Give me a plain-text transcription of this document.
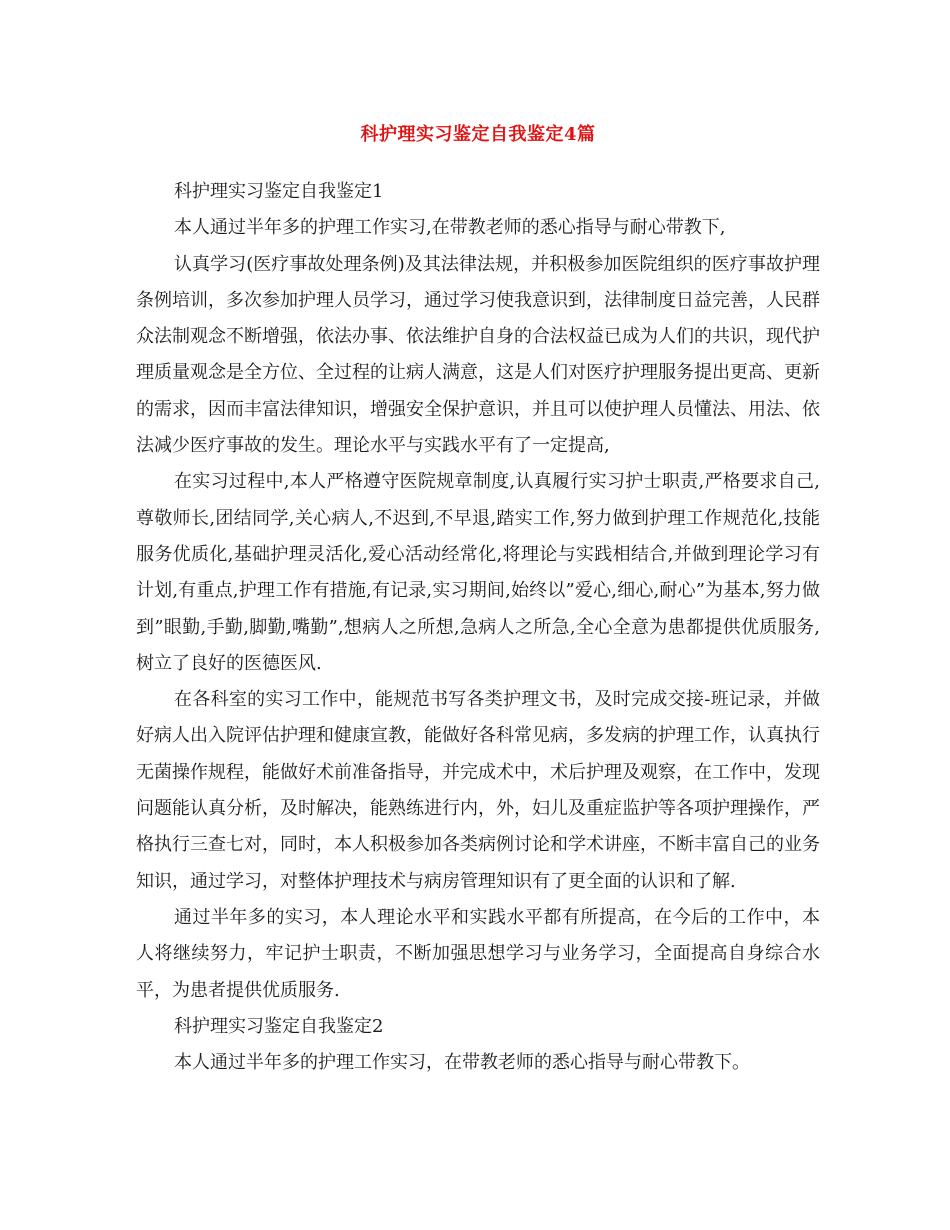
科护理实习鉴定自我鉴定4篇

科护理实习鉴定自我鉴定1

本人通过半年多的护理工作实习,在带教老师的悉心指导与耐心带教下,

认真学习(医疗事故处理条例)及其法律法规，并积极参加医院组织的医疗事故护理条例培训，多次参加护理人员学习，通过学习使我意识到，法律制度日益完善，人民群众法制观念不断增强，依法办事、依法维护自身的合法权益已成为人们的共识，现代护理质量观念是全方位、全过程的让病人满意，这是人们对医疗护理服务提出更高、更新的需求，因而丰富法律知识，增强安全保护意识，并且可以使护理人员懂法、用法、依法减少医疗事故的发生。理论水平与实践水平有了一定提高,

在实习过程中,本人严格遵守医院规章制度,认真履行实习护士职责,严格要求自己,尊敬师长,团结同学,关心病人,不迟到,不早退,踏实工作,努力做到护理工作规范化,技能服务优质化,基础护理灵活化,爱心活动经常化,将理论与实践相结合,并做到理论学习有计划,有重点,护理工作有措施,有记录,实习期间,始终以”爱心,细心,耐心”为基本,努力做到”眼勤,手勤,脚勤,嘴勤”,想病人之所想,急病人之所急,全心全意为患都提供优质服务,树立了良好的医德医风.

在各科室的实习工作中，能规范书写各类护理文书，及时完成交接-班记录，并做好病人出入院评估护理和健康宣教，能做好各科常见病，多发病的护理工作，认真执行无菌操作规程，能做好术前准备指导，并完成术中，术后护理及观察，在工作中，发现问题能认真分析，及时解决，能熟练进行内，外，妇儿及重症监护等各项护理操作，严格执行三查七对，同时，本人积极参加各类病例讨论和学术讲座，不断丰富自己的业务知识，通过学习，对整体护理技术与病房管理知识有了更全面的认识和了解.

通过半年多的实习，本人理论水平和实践水平都有所提高，在今后的工作中，本人将继续努力，牢记护士职责，不断加强思想学习与业务学习，全面提高自身综合水平，为患者提供优质服务.

科护理实习鉴定自我鉴定2

本人通过半年多的护理工作实习，在带教老师的悉心指导与耐心带教下。
